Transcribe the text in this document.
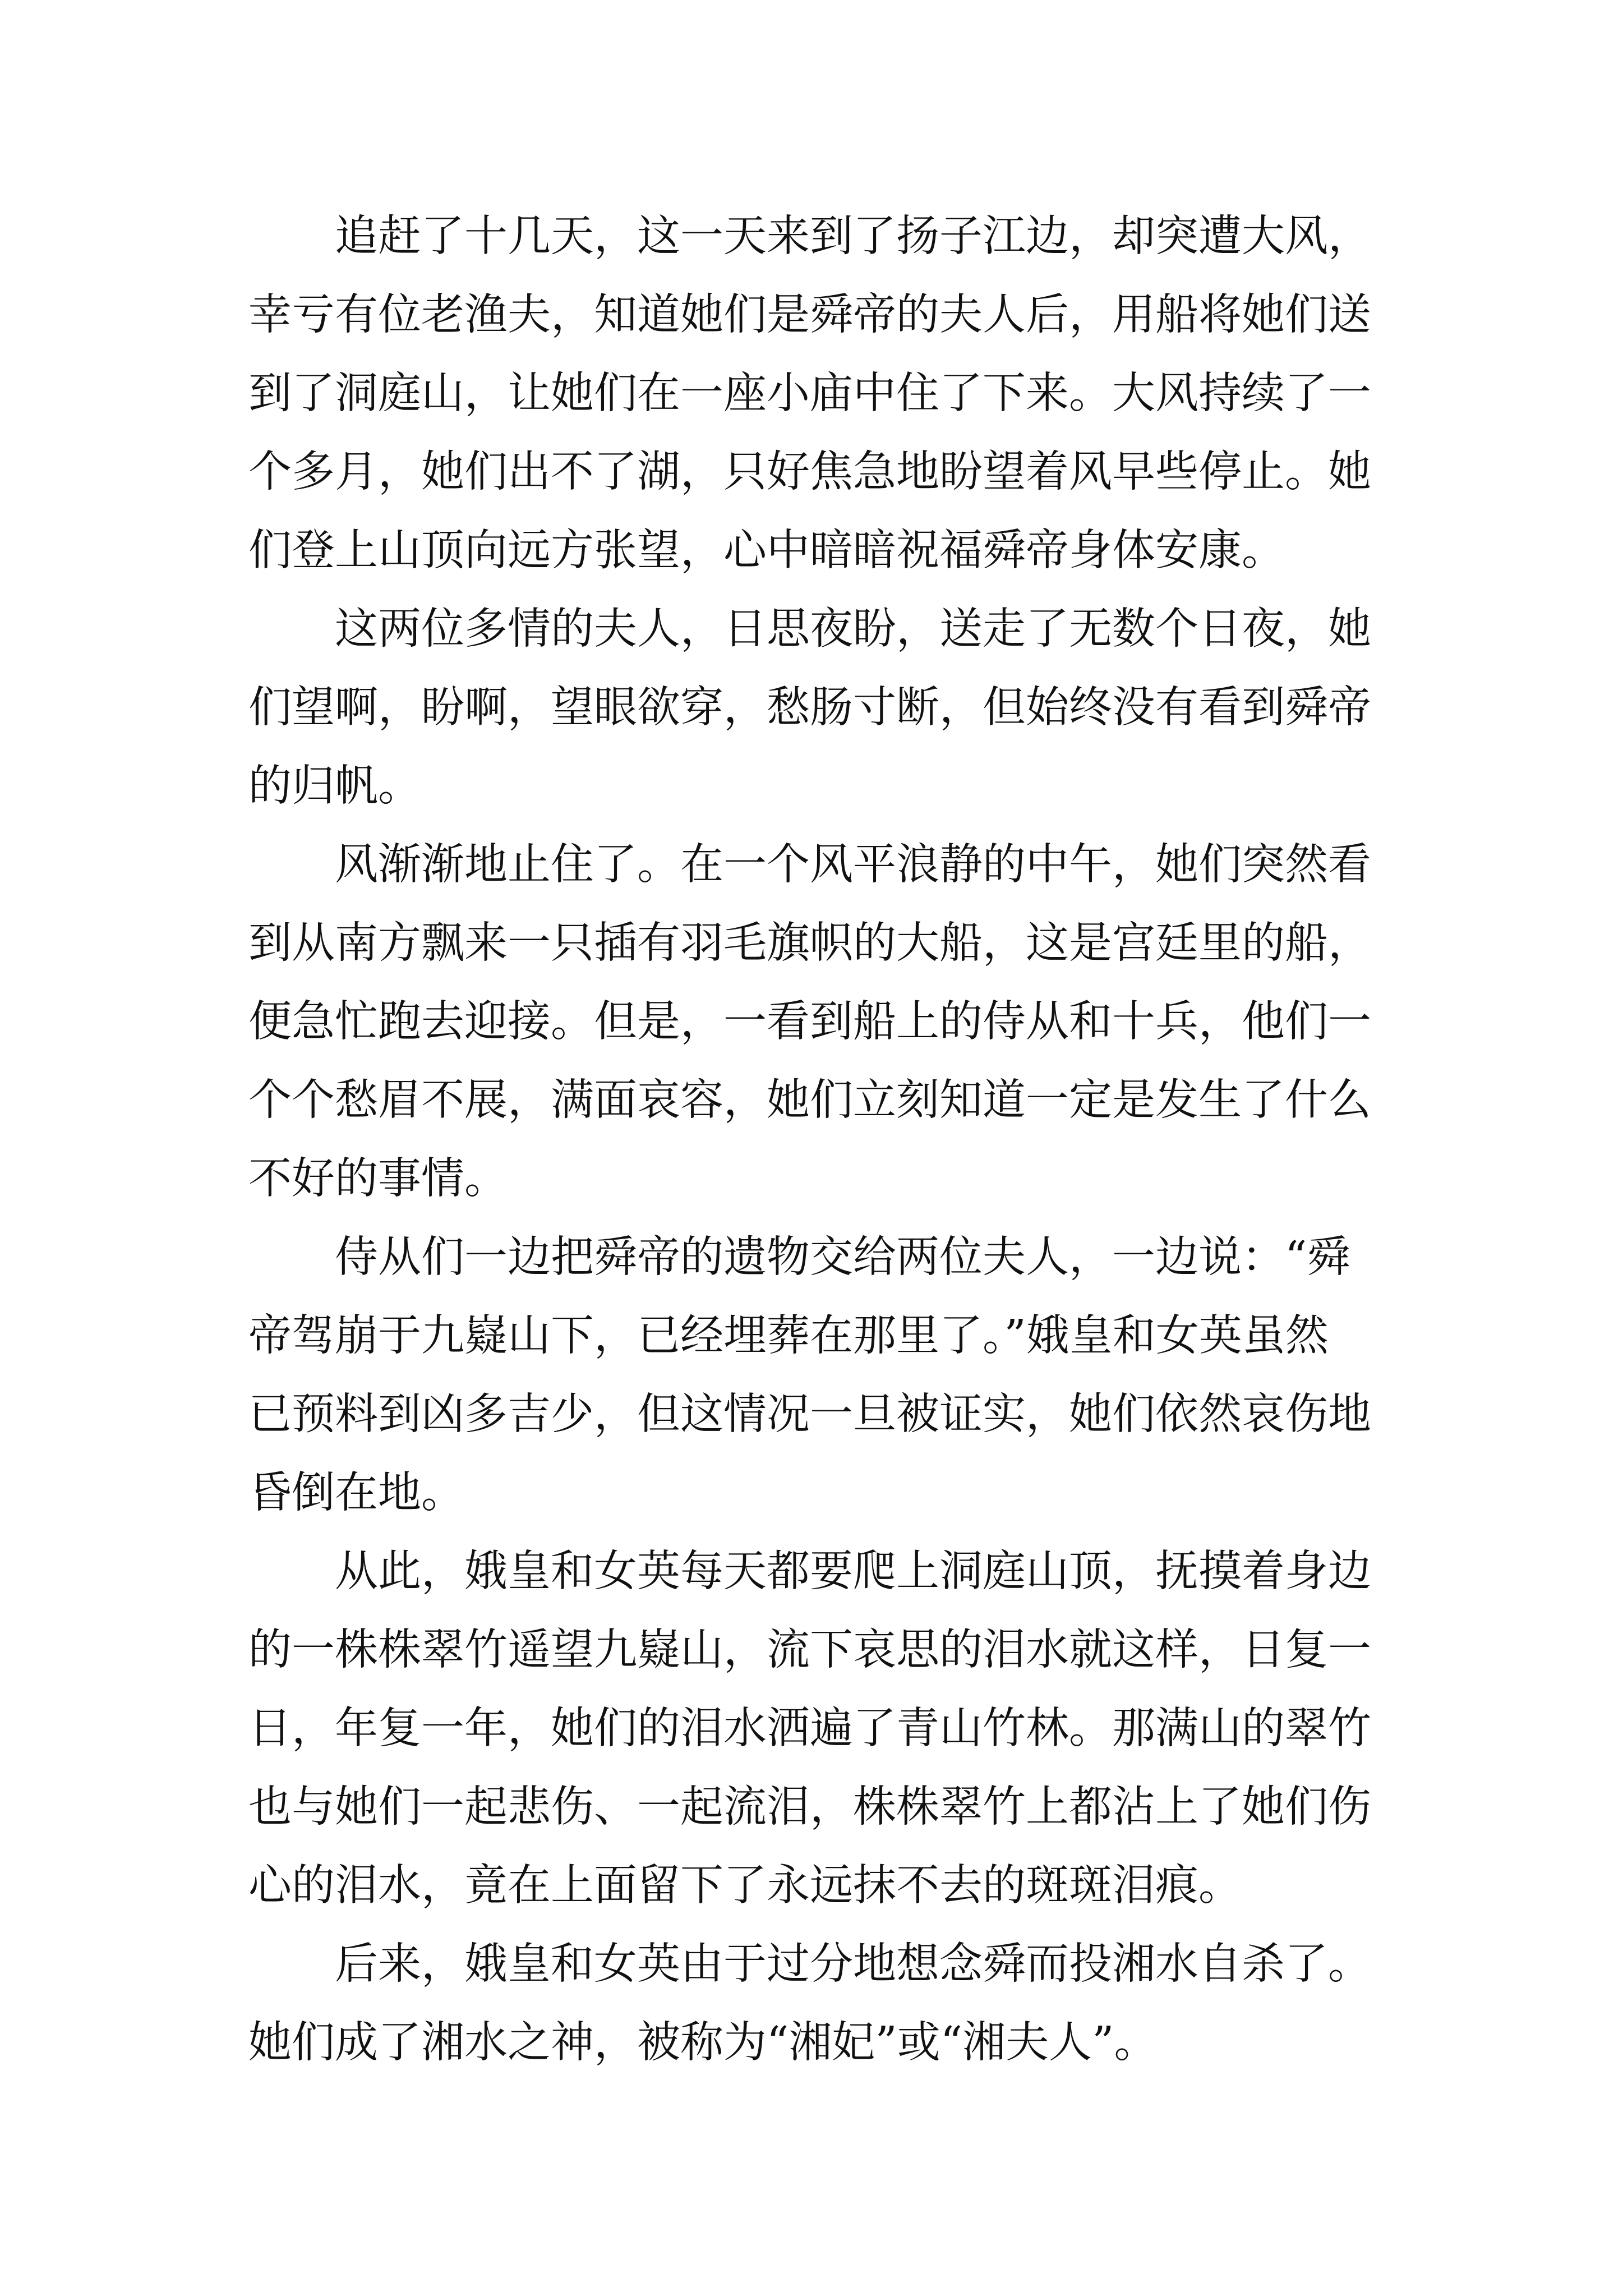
追赶了十几天，这一天来到了扬子江边，却突遭大风，
幸亏有位老渔夫，知道她们是舜帝的夫人后，用船将她们送
到了洞庭山，让她们在一座小庙中住了下来。大风持续了一
个多月，她们出不了湖，只好焦急地盼望着风早些停止。她
们登上山顶向远方张望，心中暗暗祝福舜帝身体安康。
这两位多情的夫人，日思夜盼，送走了无数个日夜，她
们望啊，盼啊，望眼欲穿，愁肠寸断，但始终没有看到舜帝
的归帆。
风渐渐地止住了。在一个风平浪静的中午，她们突然看
到从南方飘来一只插有羽毛旗帜的大船，这是宫廷里的船，
便急忙跑去迎接。但是，一看到船上的侍从和十兵，他们一
个个愁眉不展，满面哀容，她们立刻知道一定是发生了什么
不好的事情。
侍从们一边把舜帝的遗物交给两位夫人，一边说：“舜
帝驾崩于九嶷山下，已经埋葬在那里了。”娥皇和女英虽然
已预料到凶多吉少，但这情况一旦被证实，她们依然哀伤地
昏倒在地。
从此，娥皇和女英每天都要爬上洞庭山顶，抚摸着身边
的一株株翠竹遥望九嶷山，流下哀思的泪水就这样，日复一
日，年复一年，她们的泪水洒遍了青山竹林。那满山的翠竹
也与她们一起悲伤、一起流泪，株株翠竹上都沾上了她们伤
心的泪水，竟在上面留下了永远抹不去的斑斑泪痕。
后来，娥皇和女英由于过分地想念舜而投湘水自杀了。
她们成了湘水之神，被称为“湘妃”或“湘夫人”。
